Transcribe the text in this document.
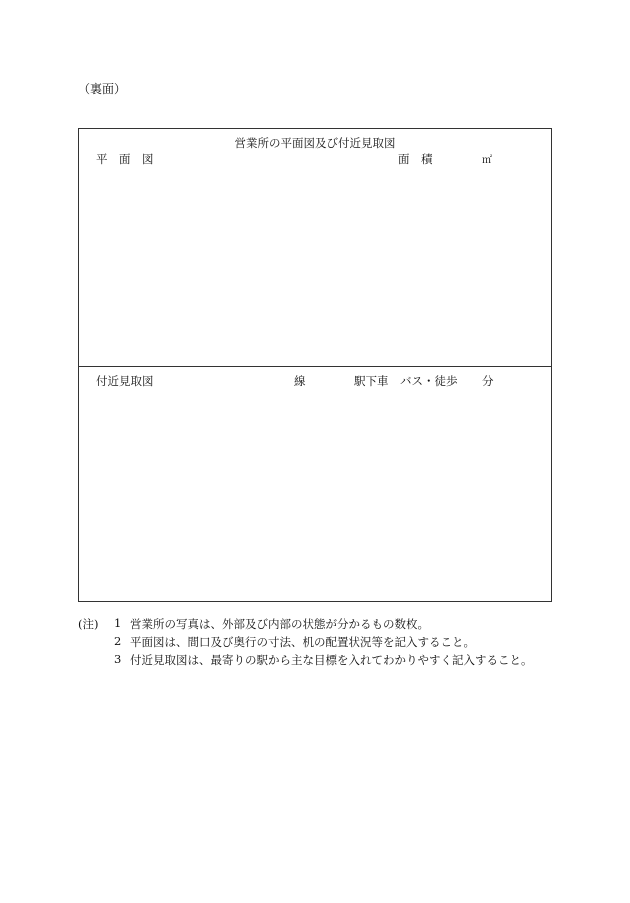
（裏面）
営業所の平面図及び付近見取図
平　面　図	面　積	㎡
付近見取図	線	駅下車 バス・徒歩 分
(注) 1 営業所の写真は、外部及び内部の状態が分かるもの数枚。
2 平面図は、間口及び奥行の寸法、机の配置状況等を記入すること。
3 付近見取図は、最寄りの駅から主な目標を入れてわかりやすく記入すること。
